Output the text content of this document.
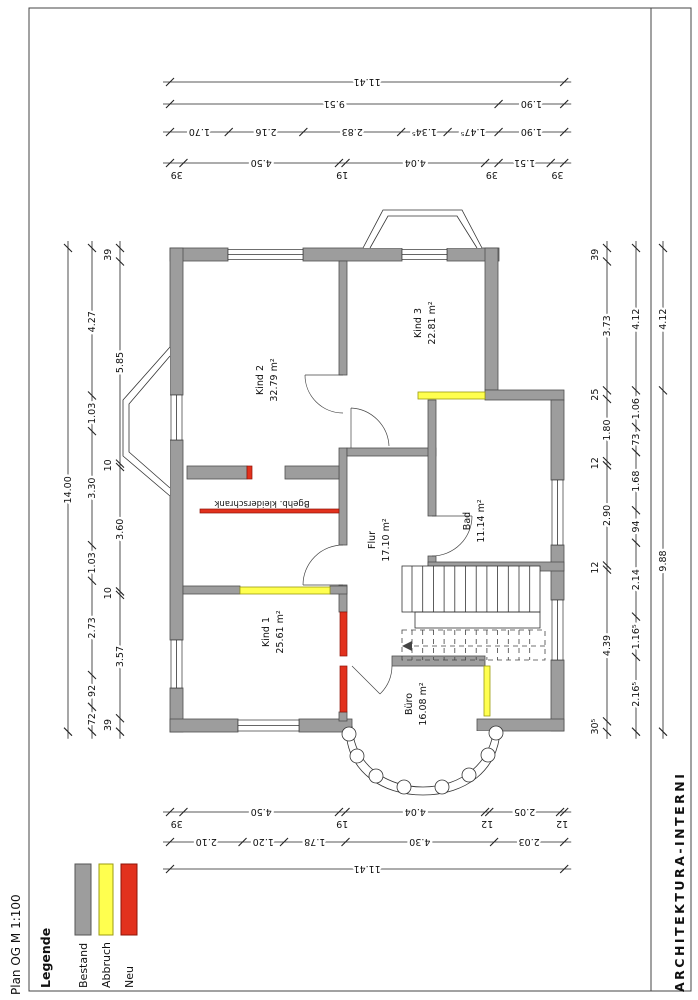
11.41
9.51	1.90
1.70	2.16	2.83	1.34⁵ 1.47⁵	1.90
39
4.50
19
4.04
39
1.51
39
39
4.50
19
4.04
12
2.05
12
2.10	1.20	1.78	4.30	2.03
11.41
14.00
4.27
1.03
3.30
1.03
2.73
92
72
39
5.85
10
3.60
10
3.57
39
39
3.73
25
1.80
12
2.90
12
4.39
30⁵
4.12
1.06
73
1.68
94
2.14
1.16⁵
2.16⁵
4.12
9.88
Kind 2 32.79 m²
Kind 3 22.81 m²
Flur 17.10 m²	Bad 11.14 m²
Kind 1 25.61 m²
Büro 16.08 m²
Bgehb. kleiderschrank
Legende Bestand Abbruch Neu
Plan OG M 1:100	ARCHITEKTURA-INTERNI
